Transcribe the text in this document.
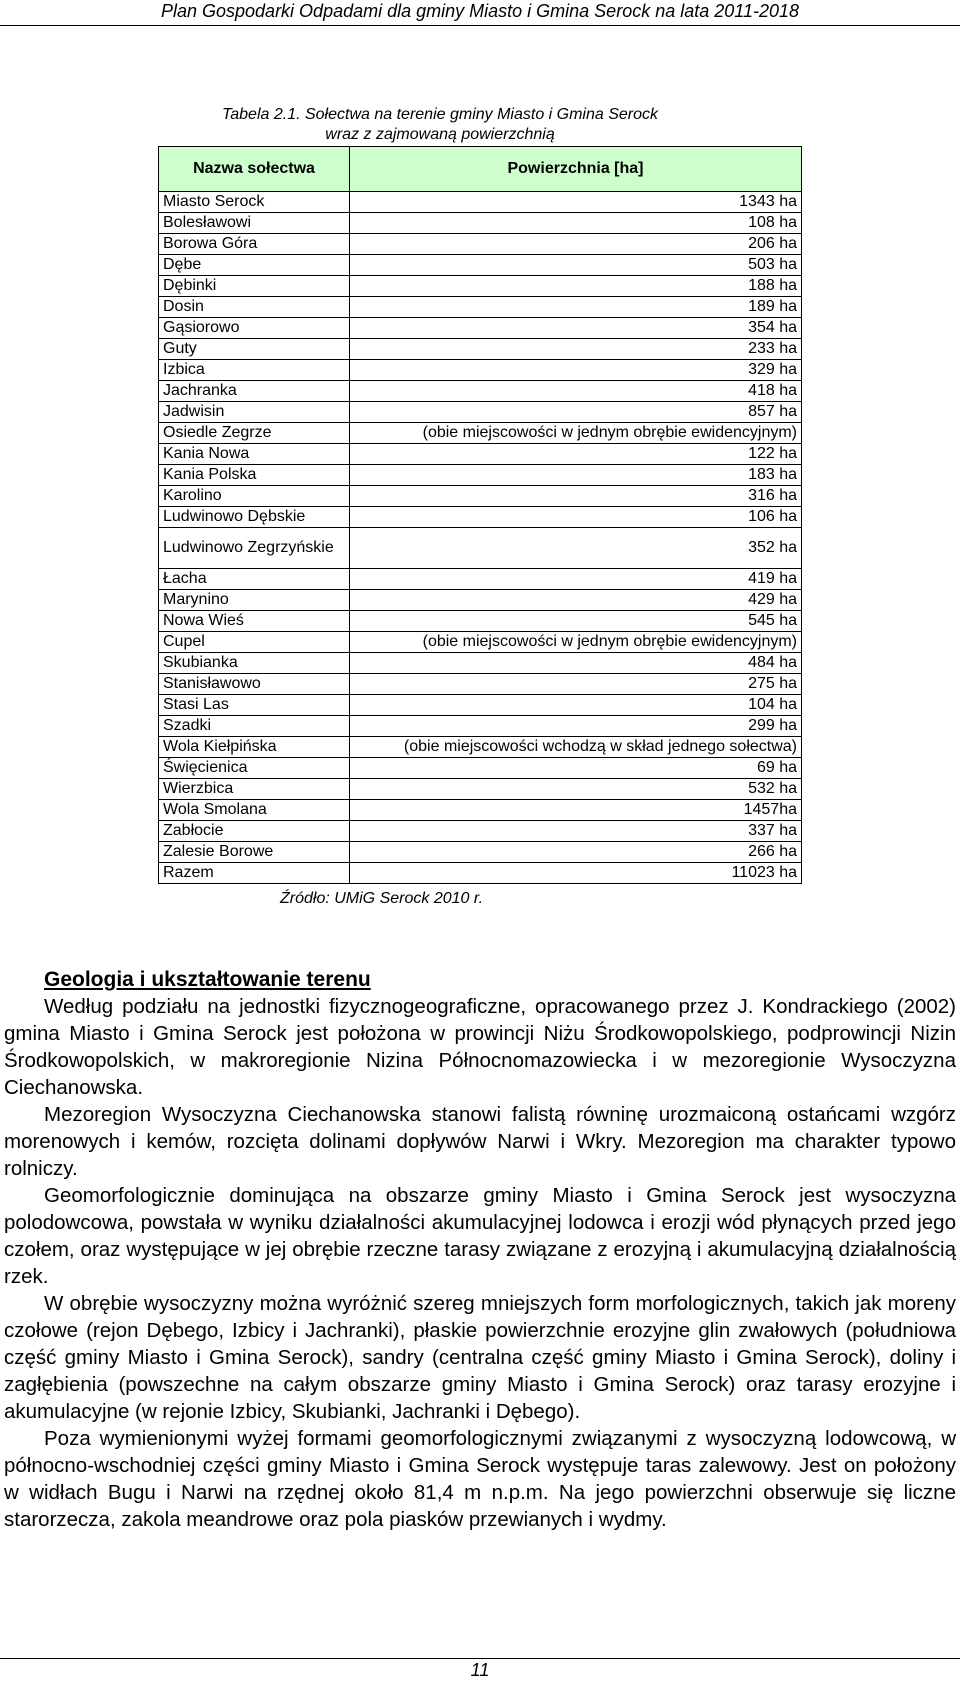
Plan Gospodarki Odpadami dla gminy Miasto i Gmina Serock na lata 2011-2018
Tabela 2.1. Sołectwa na terenie gminy Miasto i Gmina Serock
wraz z zajmowaną powierzchnią
Nazwa sołectwa	Powierzchnia [ha]
Miasto Serock	1343 ha
Bolesławowi	108 ha
Borowa Góra	206 ha
Dębe	503 ha
Dębinki	188 ha
Dosin	189 ha
Gąsiorowo	354 ha
Guty	233 ha
Izbica	329 ha
Jachranka	418 ha
Jadwisin	857 ha
Osiedle Zegrze	(obie miejscowości w jednym obrębie ewidencyjnym)
Kania Nowa	122 ha
Kania Polska	183 ha
Karolino	316 ha
Ludwinowo Dębskie	106 ha
Ludwinowo Zegrzyńskie	352 ha
Łacha	419 ha
Marynino	429 ha
Nowa Wieś	545 ha
Cupel	(obie miejscowości w jednym obrębie ewidencyjnym)
Skubianka	484 ha
Stanisławowo	275 ha
Stasi Las	104 ha
Szadki	299 ha
Wola Kiełpińska	(obie miejscowości wchodzą w skład jednego sołectwa)
Święcienica	69 ha
Wierzbica	532 ha
Wola Smolana	1457ha
Zabłocie	337 ha
Zalesie Borowe	266 ha
Razem	11023 ha
Źródło: UMiG Serock 2010 r.
Geologia i ukształtowanie terenu

Według podziału na jednostki fizycznogeograficzne, opracowanego przez J. Kondrackiego (2002) gmina Miasto i Gmina Serock jest położona w prowincji Niżu Środkowopolskiego, podprowincji Nizin Środkowopolskich, w makroregionie Nizina Północnomazowiecka i w mezoregionie Wysoczyzna Ciechanowska.

Mezoregion Wysoczyzna Ciechanowska stanowi falistą równinę urozmaiconą ostańcami wzgórz morenowych i kemów, rozcięta dolinami dopływów Narwi i Wkry. Mezoregion ma charakter typowo rolniczy.

Geomorfologicznie dominująca na obszarze gminy Miasto i Gmina Serock jest wysoczyzna polodowcowa, powstała w wyniku działalności akumulacyjnej lodowca i erozji wód płynących przed jego czołem, oraz występujące w jej obrębie rzeczne tarasy związane z erozyjną i akumulacyjną działalnością rzek.

W obrębie wysoczyzny można wyróżnić szereg mniejszych form morfologicznych, takich jak moreny czołowe (rejon Dębego, Izbicy i Jachranki), płaskie powierzchnie erozyjne glin zwałowych (południowa część gminy Miasto i Gmina Serock), sandry (centralna część gminy Miasto i Gmina Serock), doliny i zagłębienia (powszechne na całym obszarze gminy Miasto i Gmina Serock) oraz tarasy erozyjne i akumulacyjne (w rejonie Izbicy, Skubianki, Jachranki i Dębego).

Poza wymienionymi wyżej formami geomorfologicznymi związanymi z wysoczyzną lodowcową, w północno-wschodniej części gminy Miasto i Gmina Serock występuje taras zalewowy. Jest on położony w widłach Bugu i Narwi na rzędnej około 81,4 m n.p.m. Na jego powierzchni obserwuje się liczne starorzecza, zakola meandrowe oraz pola piasków przewianych i wydmy.

11
